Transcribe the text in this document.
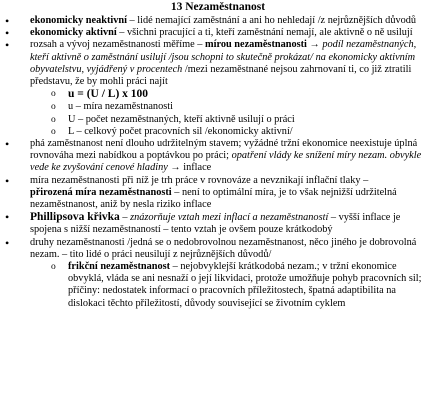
13 Nezaměstnanost
• ekonomicky neaktivní – lidé nemající zaměstnání a ani ho nehledají /z nejrůznějších důvodů
• ekonomicky aktivní – všichni pracující a ti, kteří zaměstnání nemají, ale aktivně o ně usilují
• rozsah a vývoj nezaměstnanosti měříme – mírou nezaměstnanosti → podíl nezaměstnaných, kteří aktivně o zaměstnání usilují /jsou schopni to skutečně prokázat/ na ekonomicky aktivním obyvatelstvu, vyjádřený v procentech /mezi nezaměstnané nejsou zahrnovaní ti, co již ztratili představu, že by mohli práci najít
o u = (U / L) x 100
o u – míra nezaměstnanosti
o U – počet nezaměstnaných, kteří aktivně usilují o práci
o L – celkový počet pracovních sil /ekonomicky aktivní/
• phá zaměstnanost není dlouho udržitelným stavem; vyžádné tržní ekonomice neexistuje úplná rovnováha mezi nabídkou a poptávkou po práci; opatření vlády ke snížení míry nezam. obvykle vede ke zvyšování cenové hladiny → inflace
• míra nezaměstnanosti při níž je trh práce v rovnováze a nevznikají inflační tlaky –
přirozená míra nezaměstnanosti – není to optimální míra, je to však nejnižší udržitelná nezaměstnanost, aniž by nesla riziko inflace
• Phillipsova křivka – znázorňuje vztah mezi inflací a nezaměstnaností – vyšší inflace je spojena s nižší nezaměstnaností – tento vztah je ovšem pouze krátkodobý
• druhy nezaměstnanosti /jedná se o nedobrovolnou nezaměstnanost, něco jiného je dobrovolná nezam. – tito lidé o práci neusilují z nejrůznějších důvodů/
o frikční nezaměstnanost – nejobvyklejší krátkodobá nezam.; v tržní ekonomice obvyklá, vláda se ani nesnaží o její likvidaci, protože umožňuje pohyb pracovních sil; příčiny: nedostatek informací o pracovních příležitostech, špatná adaptibilita na dislokaci těchto příležitostí, důvody související se životním cyklem
